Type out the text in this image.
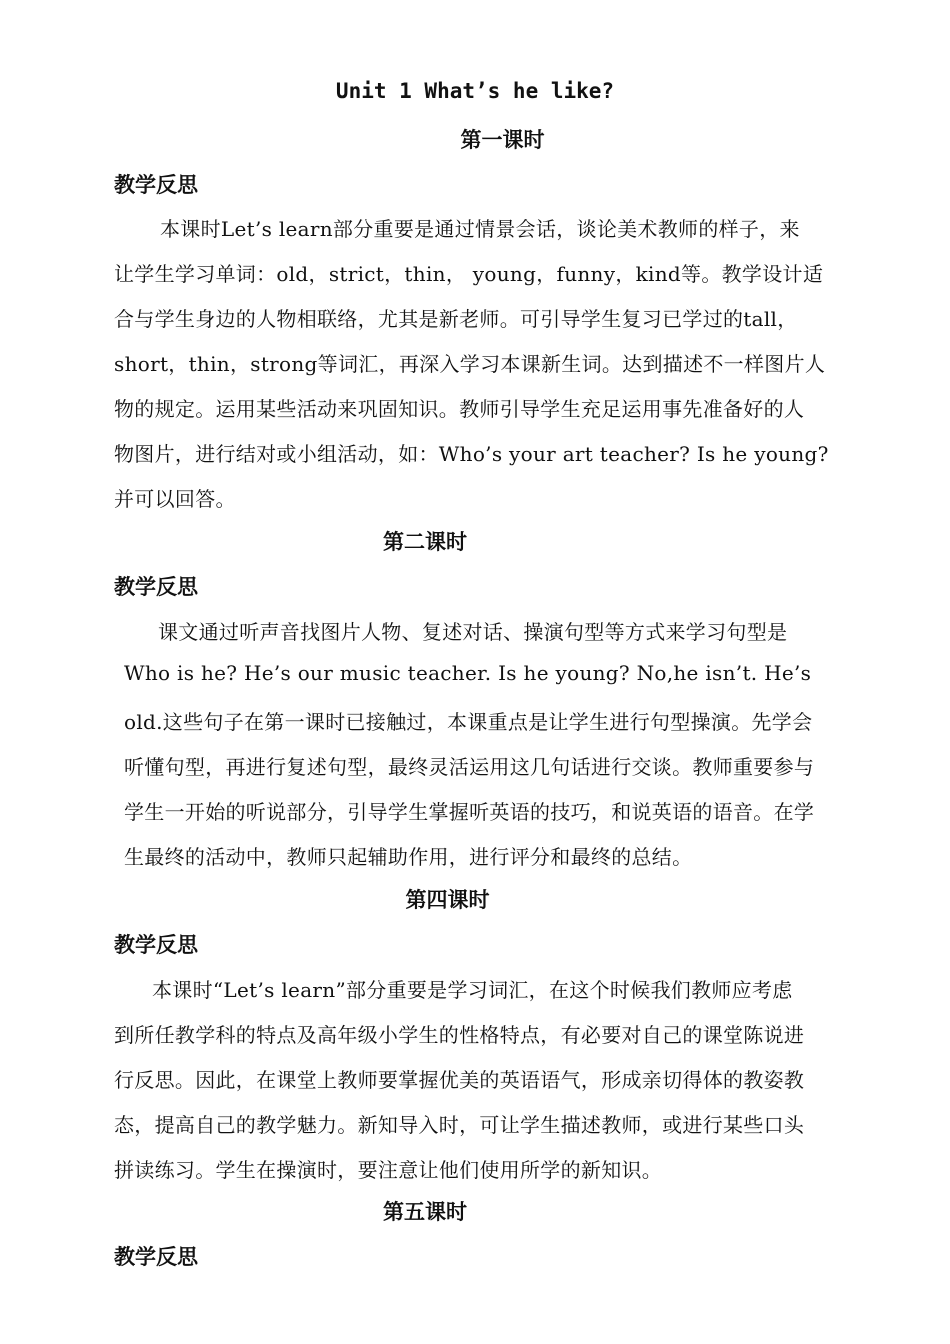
Unit 1 What’s he like?
第一课时
教学反思
本课时Let’s learn部分重要是通过情景会话，谈论美术教师的样子，来
让学生学习单词：old，strict，thin， young，funny，kind等。教学设计适
合与学生身边的人物相联络，尤其是新老师。可引导学生复习已学过的tall，
short，thin，strong等词汇，再深入学习本课新生词。达到描述不一样图片人
物的规定。运用某些活动来巩固知识。教师引导学生充足运用事先准备好的人
物图片，进行结对或小组活动，如：Who’s your art teacher? Is he young?
并可以回答。
第二课时
教学反思
课文通过听声音找图片人物、复述对话、操演句型等方式来学习句型是
Who is he? He’s our music teacher. Is he young? No,he isn’t. He’s
old.这些句子在第一课时已接触过，本课重点是让学生进行句型操演。先学会
听懂句型，再进行复述句型，最终灵活运用这几句话进行交谈。教师重要参与
学生一开始的听说部分，引导学生掌握听英语的技巧，和说英语的语音。在学
生最终的活动中，教师只起辅助作用，进行评分和最终的总结。
第四课时
教学反思
本课时“Let’s learn”部分重要是学习词汇，在这个时候我们教师应考虑
到所任教学科的特点及高年级小学生的性格特点，有必要对自己的课堂陈说进
行反思。因此，在课堂上教师要掌握优美的英语语气，形成亲切得体的教姿教
态，提高自己的教学魅力。新知导入时，可让学生描述教师，或进行某些口头
拼读练习。学生在操演时，要注意让他们使用所学的新知识。
第五课时
教学反思
